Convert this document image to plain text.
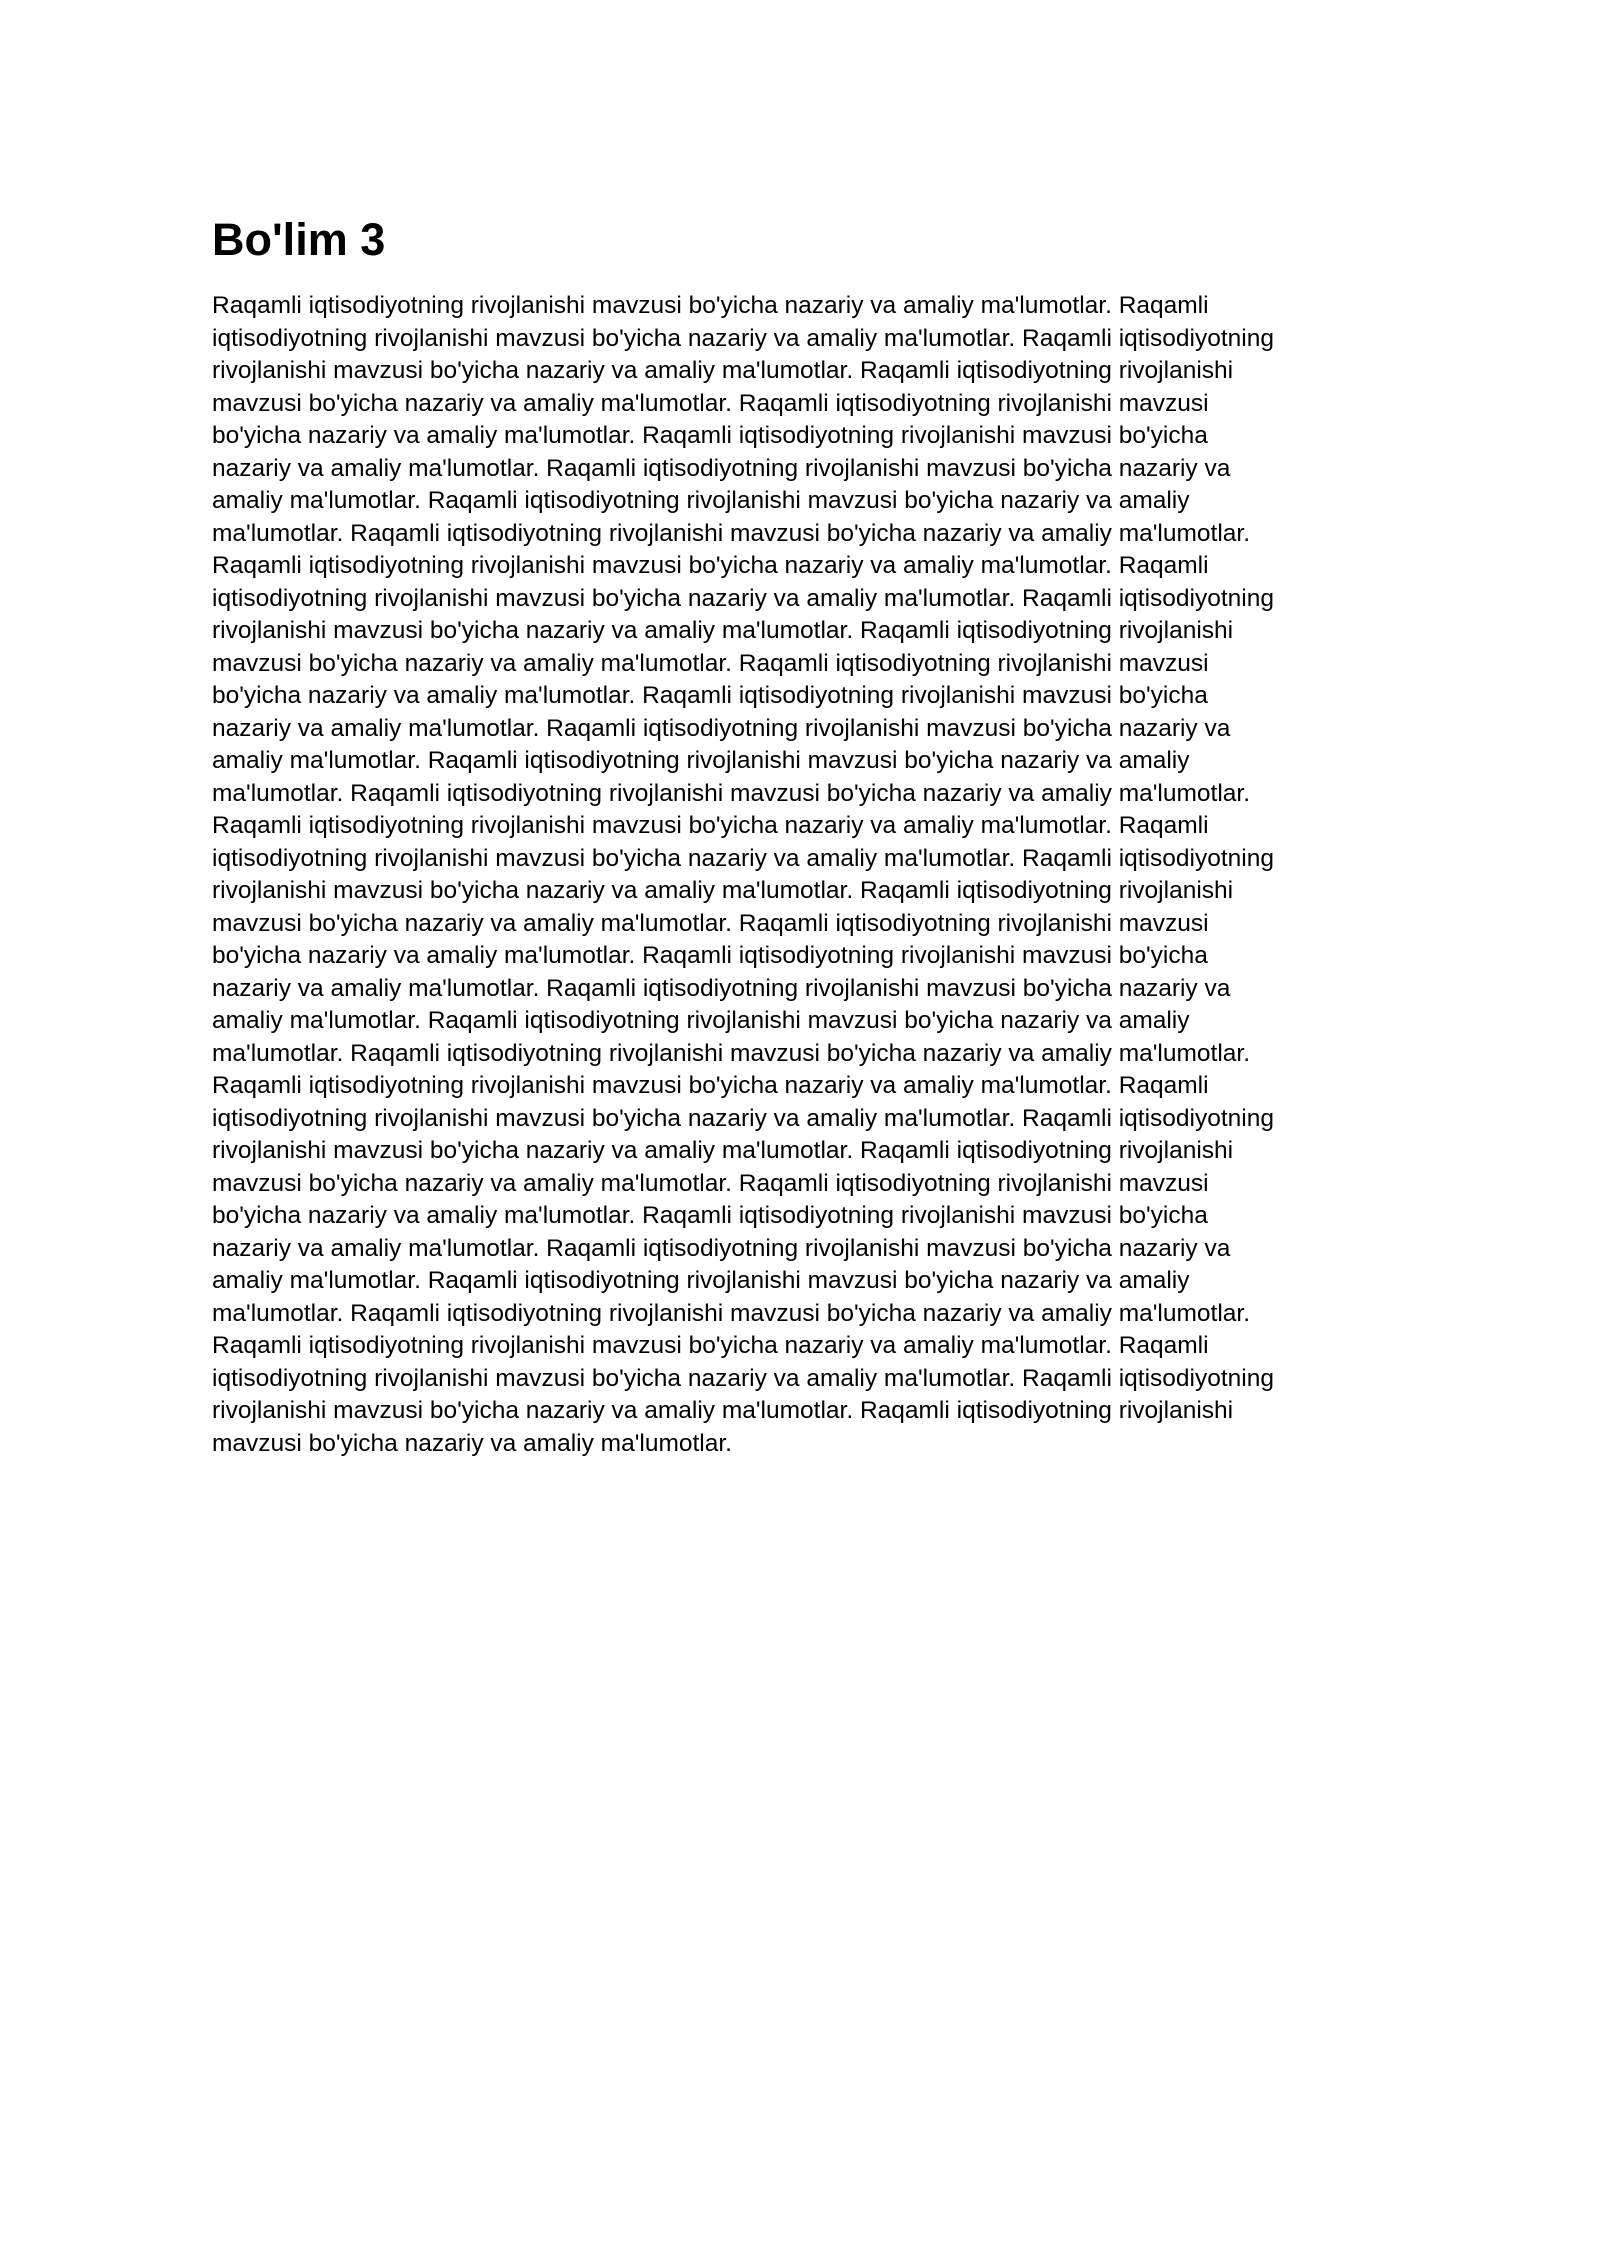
Bo'lim 3
Raqamli iqtisodiyotning rivojlanishi mavzusi bo'yicha nazariy va amaliy ma'lumotlar. Raqamli
iqtisodiyotning rivojlanishi mavzusi bo'yicha nazariy va amaliy ma'lumotlar. Raqamli iqtisodiyotning
rivojlanishi mavzusi bo'yicha nazariy va amaliy ma'lumotlar. Raqamli iqtisodiyotning rivojlanishi
mavzusi bo'yicha nazariy va amaliy ma'lumotlar. Raqamli iqtisodiyotning rivojlanishi mavzusi
bo'yicha nazariy va amaliy ma'lumotlar. Raqamli iqtisodiyotning rivojlanishi mavzusi bo'yicha
nazariy va amaliy ma'lumotlar. Raqamli iqtisodiyotning rivojlanishi mavzusi bo'yicha nazariy va
amaliy ma'lumotlar. Raqamli iqtisodiyotning rivojlanishi mavzusi bo'yicha nazariy va amaliy
ma'lumotlar. Raqamli iqtisodiyotning rivojlanishi mavzusi bo'yicha nazariy va amaliy ma'lumotlar.
Raqamli iqtisodiyotning rivojlanishi mavzusi bo'yicha nazariy va amaliy ma'lumotlar. Raqamli
iqtisodiyotning rivojlanishi mavzusi bo'yicha nazariy va amaliy ma'lumotlar. Raqamli iqtisodiyotning
rivojlanishi mavzusi bo'yicha nazariy va amaliy ma'lumotlar. Raqamli iqtisodiyotning rivojlanishi
mavzusi bo'yicha nazariy va amaliy ma'lumotlar. Raqamli iqtisodiyotning rivojlanishi mavzusi
bo'yicha nazariy va amaliy ma'lumotlar. Raqamli iqtisodiyotning rivojlanishi mavzusi bo'yicha
nazariy va amaliy ma'lumotlar. Raqamli iqtisodiyotning rivojlanishi mavzusi bo'yicha nazariy va
amaliy ma'lumotlar. Raqamli iqtisodiyotning rivojlanishi mavzusi bo'yicha nazariy va amaliy
ma'lumotlar. Raqamli iqtisodiyotning rivojlanishi mavzusi bo'yicha nazariy va amaliy ma'lumotlar.
Raqamli iqtisodiyotning rivojlanishi mavzusi bo'yicha nazariy va amaliy ma'lumotlar. Raqamli
iqtisodiyotning rivojlanishi mavzusi bo'yicha nazariy va amaliy ma'lumotlar. Raqamli iqtisodiyotning
rivojlanishi mavzusi bo'yicha nazariy va amaliy ma'lumotlar. Raqamli iqtisodiyotning rivojlanishi
mavzusi bo'yicha nazariy va amaliy ma'lumotlar. Raqamli iqtisodiyotning rivojlanishi mavzusi
bo'yicha nazariy va amaliy ma'lumotlar. Raqamli iqtisodiyotning rivojlanishi mavzusi bo'yicha
nazariy va amaliy ma'lumotlar. Raqamli iqtisodiyotning rivojlanishi mavzusi bo'yicha nazariy va
amaliy ma'lumotlar. Raqamli iqtisodiyotning rivojlanishi mavzusi bo'yicha nazariy va amaliy
ma'lumotlar. Raqamli iqtisodiyotning rivojlanishi mavzusi bo'yicha nazariy va amaliy ma'lumotlar.
Raqamli iqtisodiyotning rivojlanishi mavzusi bo'yicha nazariy va amaliy ma'lumotlar. Raqamli
iqtisodiyotning rivojlanishi mavzusi bo'yicha nazariy va amaliy ma'lumotlar. Raqamli iqtisodiyotning
rivojlanishi mavzusi bo'yicha nazariy va amaliy ma'lumotlar. Raqamli iqtisodiyotning rivojlanishi
mavzusi bo'yicha nazariy va amaliy ma'lumotlar. Raqamli iqtisodiyotning rivojlanishi mavzusi
bo'yicha nazariy va amaliy ma'lumotlar. Raqamli iqtisodiyotning rivojlanishi mavzusi bo'yicha
nazariy va amaliy ma'lumotlar. Raqamli iqtisodiyotning rivojlanishi mavzusi bo'yicha nazariy va
amaliy ma'lumotlar. Raqamli iqtisodiyotning rivojlanishi mavzusi bo'yicha nazariy va amaliy
ma'lumotlar. Raqamli iqtisodiyotning rivojlanishi mavzusi bo'yicha nazariy va amaliy ma'lumotlar.
Raqamli iqtisodiyotning rivojlanishi mavzusi bo'yicha nazariy va amaliy ma'lumotlar. Raqamli
iqtisodiyotning rivojlanishi mavzusi bo'yicha nazariy va amaliy ma'lumotlar. Raqamli iqtisodiyotning
rivojlanishi mavzusi bo'yicha nazariy va amaliy ma'lumotlar. Raqamli iqtisodiyotning rivojlanishi
mavzusi bo'yicha nazariy va amaliy ma'lumotlar.
